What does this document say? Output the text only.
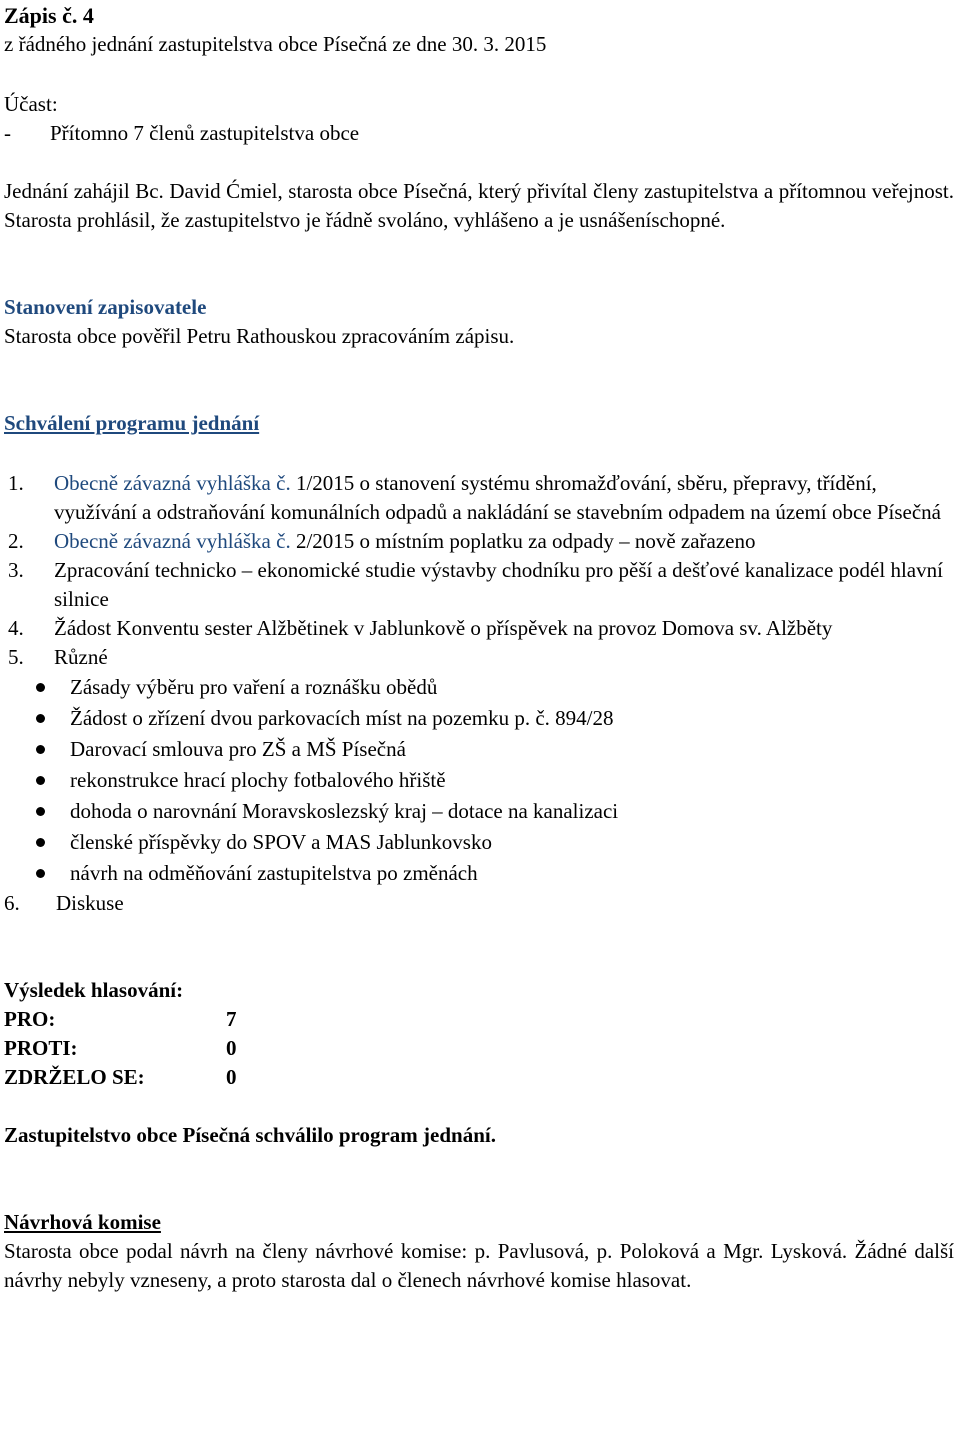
Zápis č. 4

z řádného jednání zastupitelstva obce Písečná ze dne 30. 3. 2015

Účast:

-	Přítomno 7 členů zastupitelstva obce

Jednání zahájil Bc. David Ćmiel, starosta obce Písečná, který přivítal členy zastupitelstva a přítomnou veřejnost. Starosta prohlásil, že zastupitelstvo je řádně svoláno, vyhlášeno a je usnášeníschopné.

Stanovení zapisovatele

Starosta obce pověřil Petru Rathouskou zpracováním zápisu.

Schválení programu jednání

1.	Obecně závazná vyhláška č. 1/2015 o stanovení systému shromažďování, sběru, přepravy, třídění, využívání a odstraňování komunálních odpadů a nakládání se stavebním odpadem na území obce Písečná
2.	Obecně závazná vyhláška č. 2/2015 o místním poplatku za odpady – nově zařazeno
3.	Zpracování technicko – ekonomické studie výstavby chodníku pro pěší a dešťové kanalizace podél hlavní silnice
4.	Žádost Konventu sester Alžbětinek v Jablunkově o příspěvek na provoz Domova sv. Alžběty
5.	Různé
Zásady výběru pro vaření a roznášku obědů
Žádost o zřízení dvou parkovacích míst na pozemku p. č. 894/28
Darovací smlouva pro ZŠ a MŠ Písečná
rekonstrukce hrací plochy fotbalového hřiště
dohoda o narovnání Moravskoslezský kraj – dotace na kanalizaci
členské příspěvky do SPOV a MAS Jablunkovsko
návrh na odměňování zastupitelstva po změnách
6.	Diskuse

Výsledek hlasování:

PRO:	7
PROTI:	0
ZDRŽELO SE:	0

Zastupitelstvo obce Písečná schválilo program jednání.

Návrhová komise

Starosta obce podal návrh na členy návrhové komise: p. Pavlusová, p. Poloková a Mgr. Lysková. Žádné další návrhy nebyly vzneseny, a proto starosta dal o členech návrhové komise hlasovat.
